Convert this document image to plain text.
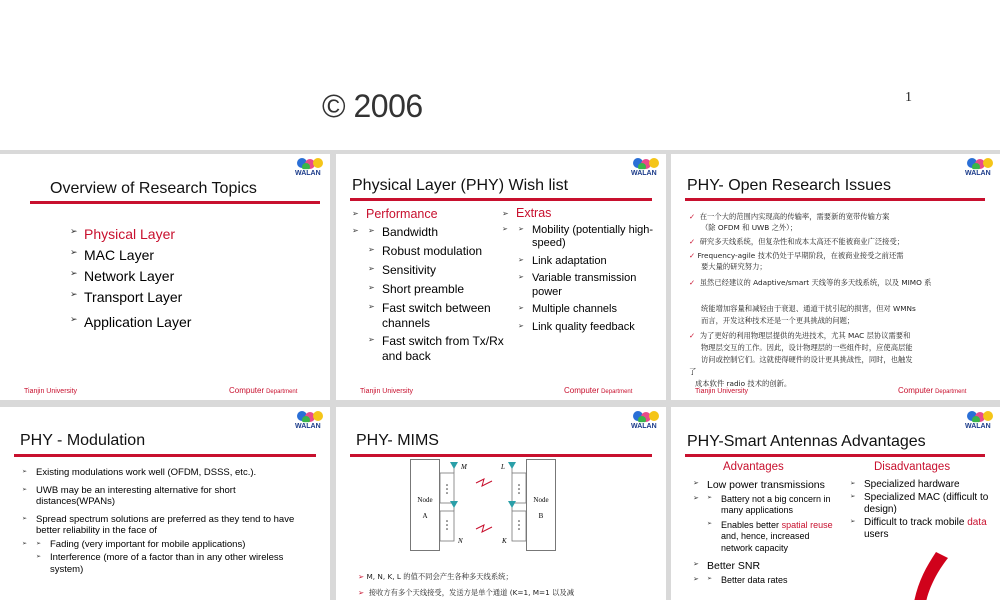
© 2006	1
WALAN
Overview of Research Topics
➢ Physical Layer
➢ MAC Layer
➢ Network Layer
➢ Transport Layer
➢ Application Layer
Tianjin University	Computer Department
WALAN
Physical Layer (PHY) Wish list
➢ Performance
➢ ➢ Bandwidth
➢ Robust modulation
➢ Sensitivity
➢ Short preamble
➢ Fast switch between channels
➢ Fast switch from Tx/Rx and back
➢ Extras
➢ ➢ Mobility (potentially high-speed)
➢ Link adaptation
➢ Variable transmission power
➢ Multiple channels
➢ Link quality feedback
Tianjin University	Computer Department
WALAN
PHY- Open Research Issues
✓ 在一个大的范围内实现高的传输率，需要新的宽带传输方案
（除 OFDM 和 UWB 之外）；
✓ 研究多天线系统，但复杂性和成本太高还不能被商业广泛接受；
✓ Frequency-agile 技术仍处于早期阶段，在被商业接受之前还需
要大量的研究努力；
✓ 虽然已经建议的 Adaptive/smart 天线等的多天线系统，以及 MIMO 系
统能增加容量和减轻由于衰退、通道干扰引起的损害，但对 WMNs
而言，开发这种技术还是一个更具挑战的问题；
✓ 为了更好的利用物理层提供的先进技术，尤其 MAC 层协议需要和
物理层交互的工作。因此，设计物理层的一些组件时，应使高层能
访问或控制它们。这就使得硬件的设计更具挑战性，同时，也触发
了
成本软件 radio 技术的创新。
Tianjin University	Computer Department
WALAN
PHY - Modulation
➢ Existing modulations work well (OFDM, DSSS, etc.).
➢ UWB may be an interesting alternative for short distances(WPANs)
➢ Spread spectrum solutions are preferred as they tend to have better reliability in the face of
➢ ➢ Fading (very important for mobile applications)
➢ Interference (more of a factor than in any other wireless system)
WALAN
PHY- MIMS
Node
A
Node
B
M	L
N	K
➢ M, N, K, L 的值不同会产生各种多天线系统；
➢ 接收方有多个天线接受，发送方是单个通道 (K=1, M=1 以及减
WALAN
PHY-Smart Antennas Advantages
Advantages	Disadvantages
➢ Low power transmissions
➢ ➢ Battery not a big concern in many applications
➢ Enables better spatial reuse and, hence, increased network capacity
➢ Better SNR
➢ ➢ Better data rates
➢ Specialized hardware
➢ Specialized MAC (difficult to design)
➢ Difficult to track mobile data users
